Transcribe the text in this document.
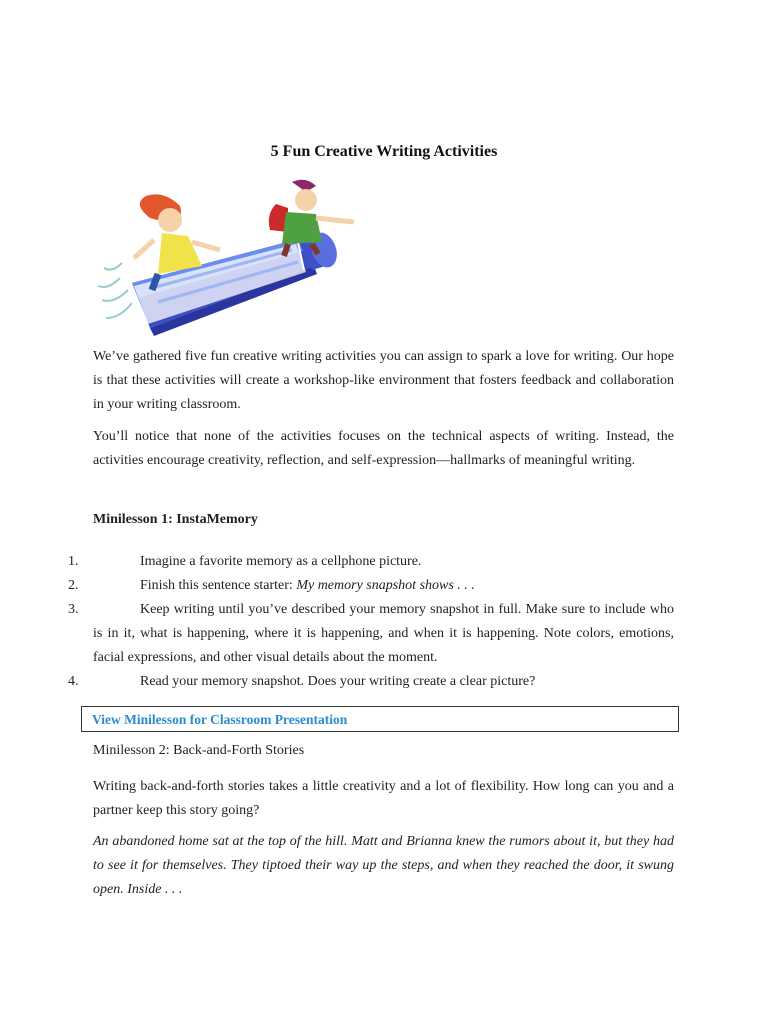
5 Fun Creative Writing Activities

We’ve gathered five fun creative writing activities you can assign to spark a love for writing. Our hope is that these activities will create a workshop-like environment that fosters feedback and collaboration in your writing classroom.

You’ll notice that none of the activities focuses on the technical aspects of writing. Instead, the activities encourage creativity, reflection, and self-expression—hallmarks of meaningful writing.

Minilesson 1: InstaMemory
1.	Imagine a favorite memory as a cellphone picture.
2.	Finish this sentence starter: My memory snapshot shows . . .
3.	Keep writing until you’ve described your memory snapshot in full. Make sure to include who is in it, what is happening, where it is happening, and when it is happening. Note colors, emotions, facial expressions, and other visual details about the moment.
4.	Read your memory snapshot. Does your writing create a clear picture?
View Minilesson for Classroom Presentation
Minilesson 2: Back-and-Forth Stories

Writing back-and-forth stories takes a little creativity and a lot of flexibility. How long can you and a partner keep this story going?

An abandoned home sat at the top of the hill. Matt and Brianna knew the rumors about it, but they had to see it for themselves. They tiptoed their way up the steps, and when they reached the door, it swung open. Inside . . .
